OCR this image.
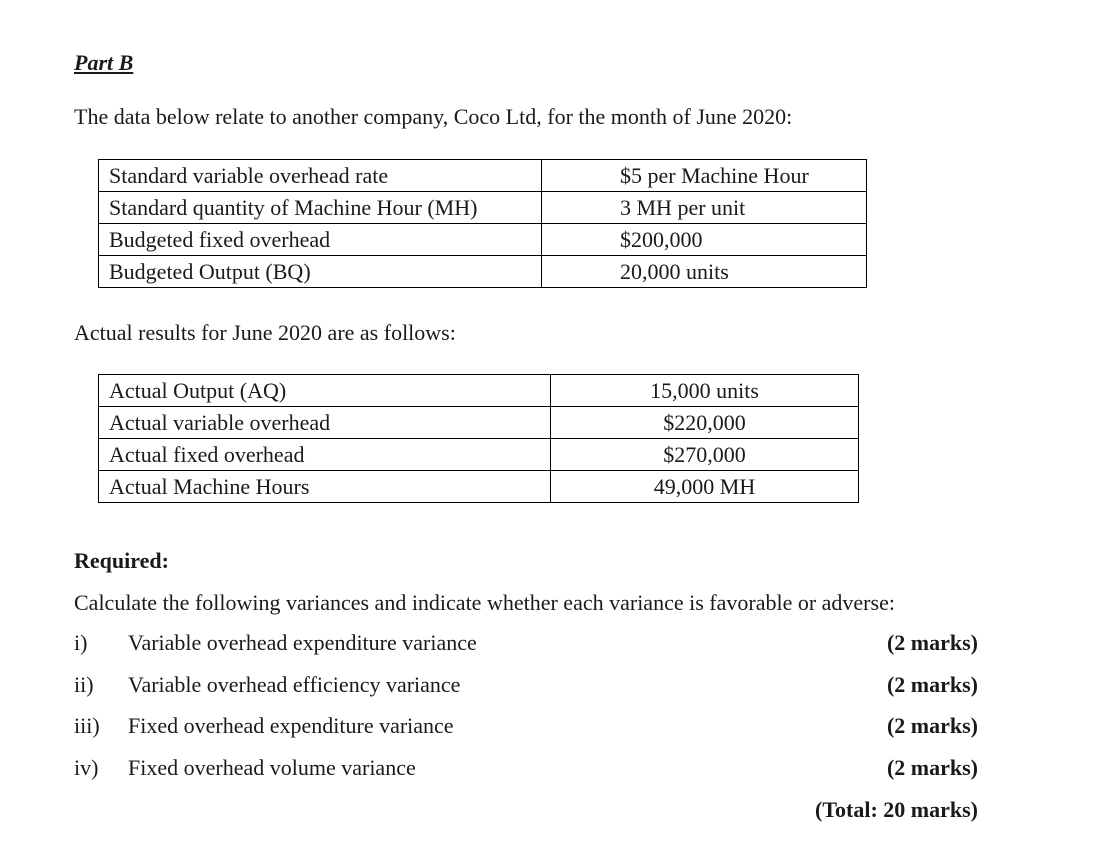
Part B
The data below relate to another company, Coco Ltd, for the month of June 2020:
Standard variable overhead rate	$5 per Machine Hour
Standard quantity of Machine Hour (MH)	3 MH per unit
Budgeted fixed overhead	$200,000
Budgeted Output (BQ)	20,000 units
Actual results for June 2020 are as follows:
Actual Output (AQ)	15,000 units
Actual variable overhead	$220,000
Actual fixed overhead	$270,000
Actual Machine Hours	49,000 MH
Required:
Calculate the following variances and indicate whether each variance is favorable or adverse:
i) Variable overhead expenditure variance	(2 marks)
ii) Variable overhead efficiency variance	(2 marks)
iii) Fixed overhead expenditure variance	(2 marks)
iv) Fixed overhead volume variance	(2 marks)
(Total: 20 marks)
